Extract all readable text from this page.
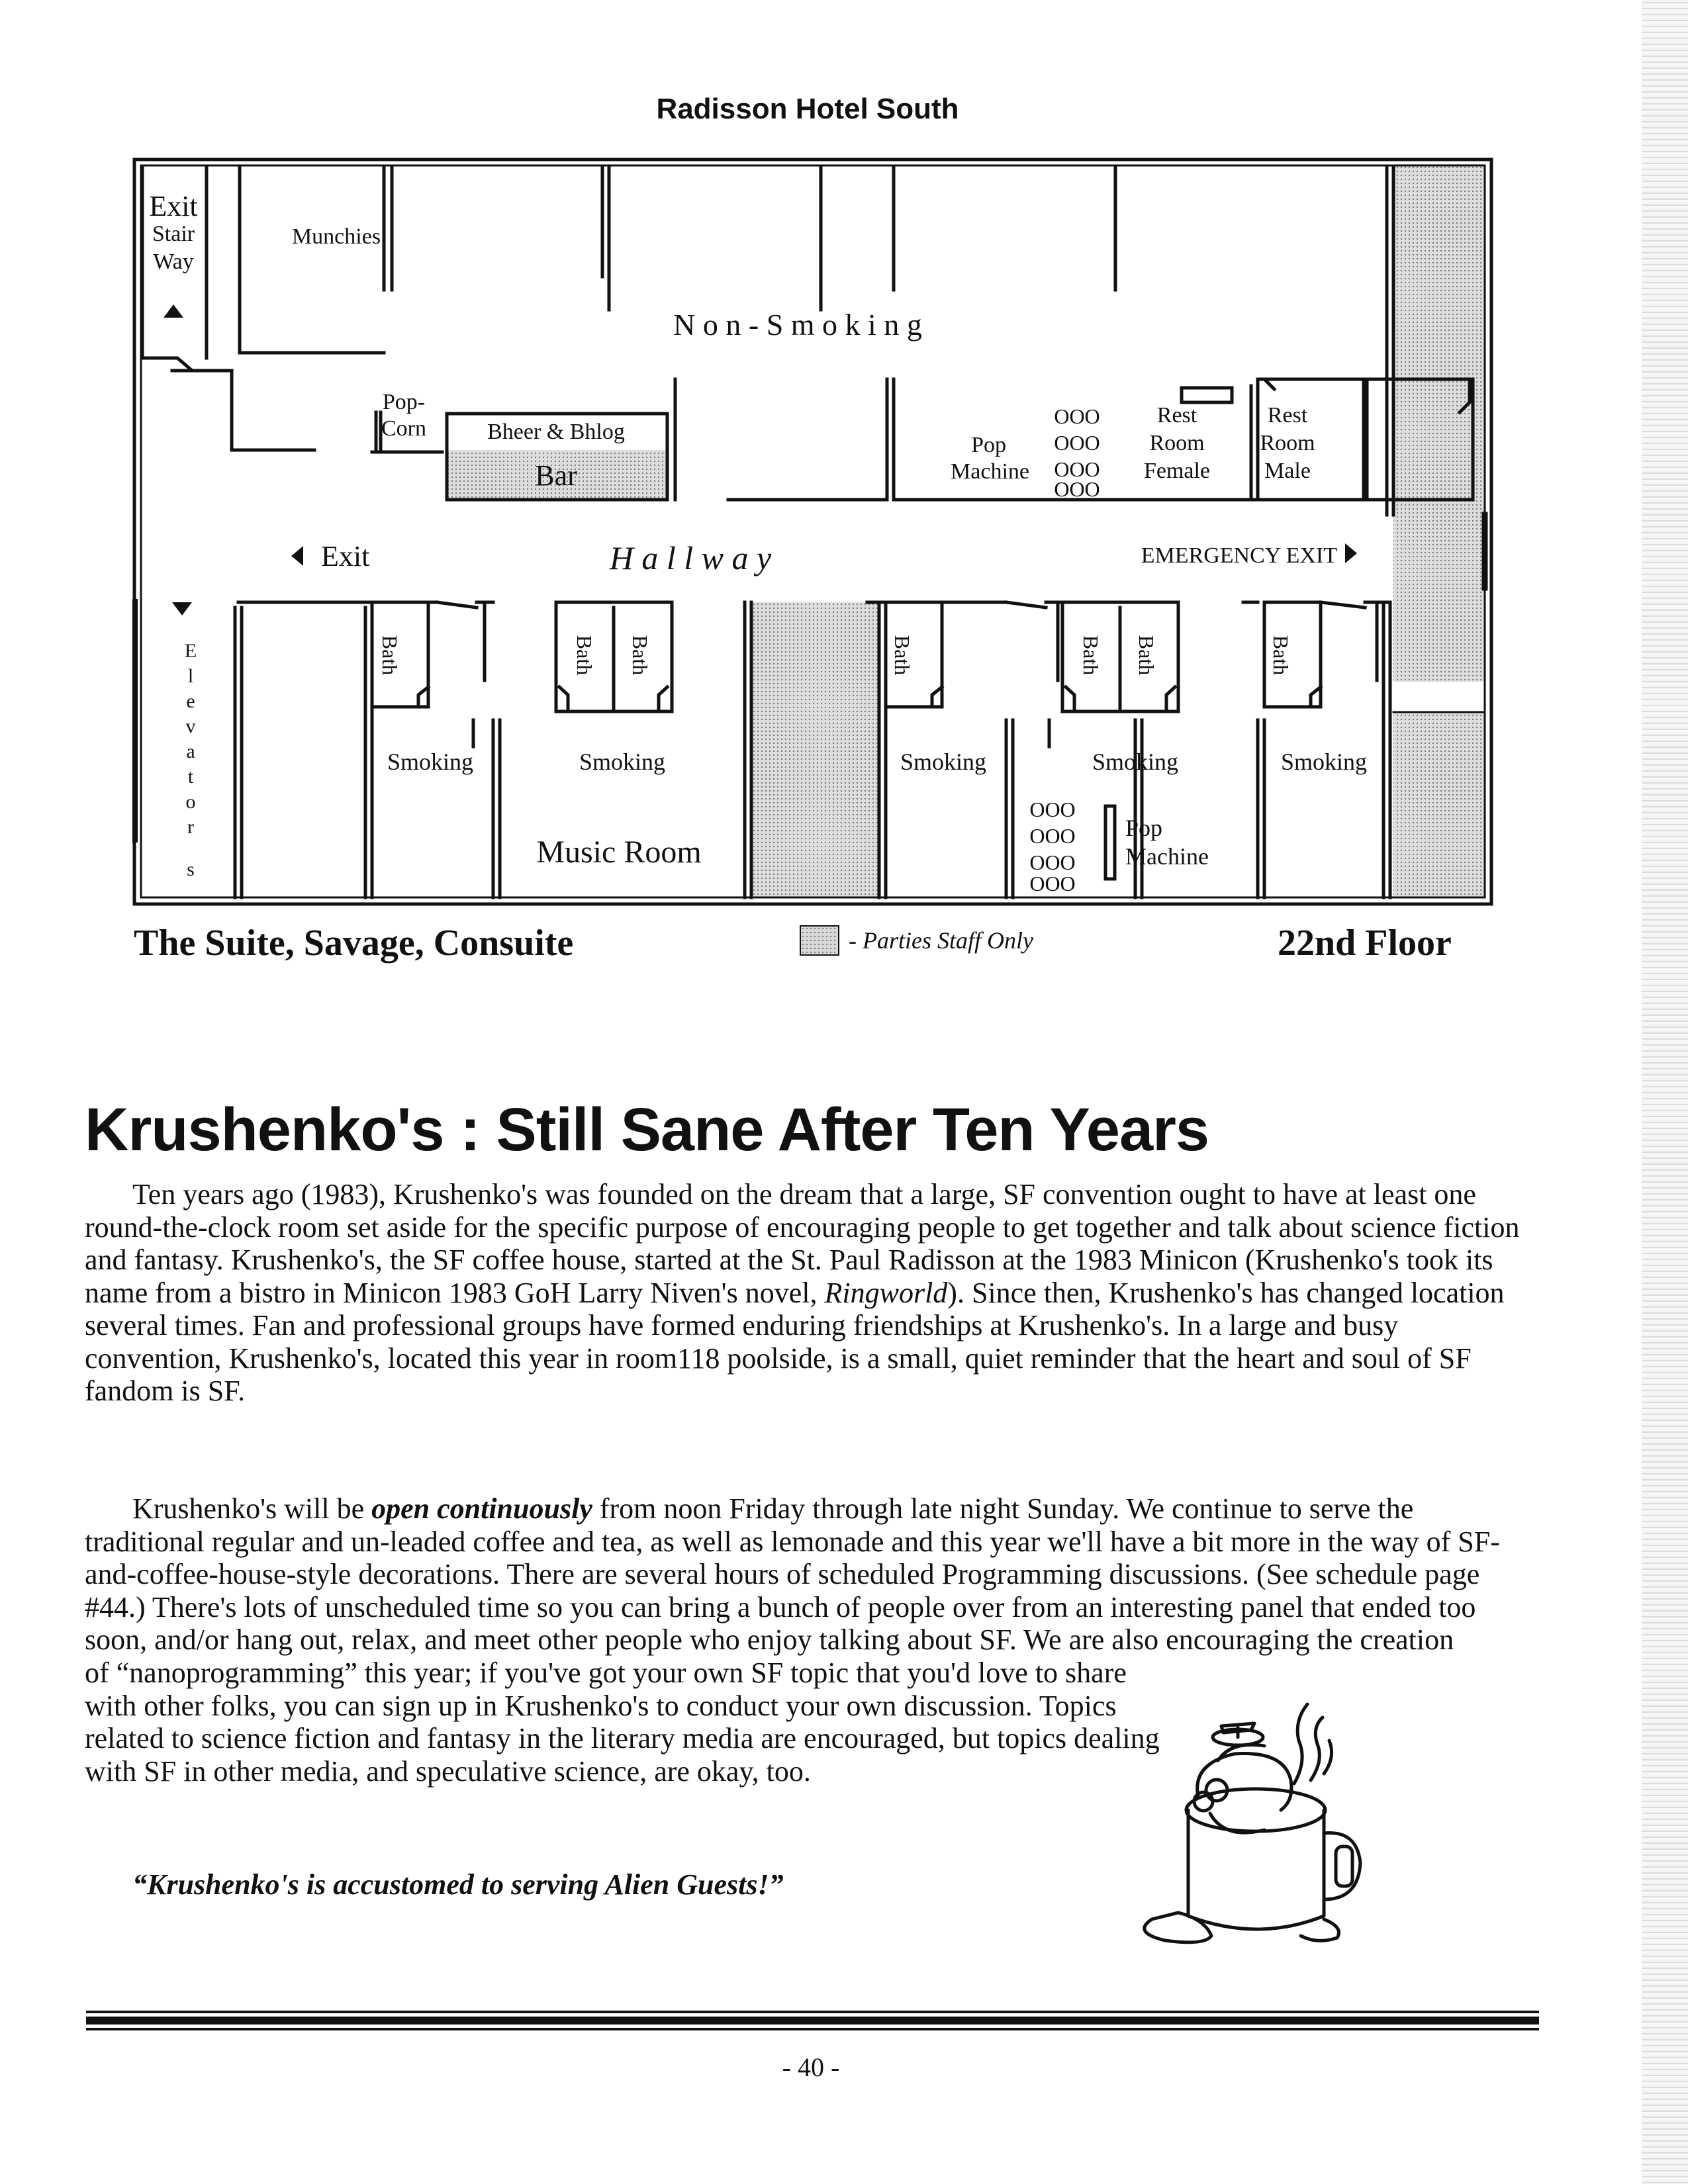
Radisson Hotel South
Exit
Stair
Way
Munchies
N o n - S m o k i n g
Pop-
Corn	Bheer & Bhlog
Bar
Pop
Machine
OOO
OOO
OOO
OOO
Rest
Room
Female
Rest
Room
Male
Exit	H a l l w a y	EMERGENCY EXIT
E
l
e
v
a
t
o
r
s
Bath	Bath Bath	Bath	Bath Bath	Bath
Smoking	Smoking	Smoking	Smoking	Smoking
Music Room
OOO
OOO
OOO
OOO
Pop
Machine
The Suite, Savage, Consuite	- Parties Staff Only	22nd Floor
Krushenko's : Still Sane After Ten Years

Ten years ago (1983), Krushenko's was founded on the dream that a large, SF convention ought to have at least one round-the-clock room set aside for the specific purpose of encouraging people to get together and talk about science fiction and fantasy. Krushenko's, the SF coffee house, started at the St. Paul Radisson at the 1983 Minicon (Krushenko's took its name from a bistro in Minicon 1983 GoH Larry Niven's novel, Ringworld). Since then, Krushenko's has changed location several times. Fan and professional groups have formed enduring friendships at Krushenko's. In a large and busy convention, Krushenko's, located this year in room118 poolside, is a small, quiet reminder that the heart and soul of SF fandom is SF.

Krushenko's will be open continuously from noon Friday through late night Sunday. We continue to serve the traditional regular and un-leaded coffee and tea, as well as lemonade and this year we'll have a bit more in the way of SF-and-coffee-house-style decorations. There are several hours of scheduled Programming discussions. (See schedule page #44.) There's lots of unscheduled time so you can bring a bunch of people over from an interesting panel that ended too soon, and/or hang out, relax, and meet other people who enjoy talking about SF. We are also encouraging the creation

of “nanoprogramming” this year; if you've got your own SF topic that you'd love to share with other folks, you can sign up in Krushenko's to conduct your own discussion. Topics related to science fiction and fantasy in the literary media are encouraged, but topics dealing with SF in other media, and speculative science, are okay, too.

“Krushenko's is accustomed to serving Alien Guests!”
- 40 -
